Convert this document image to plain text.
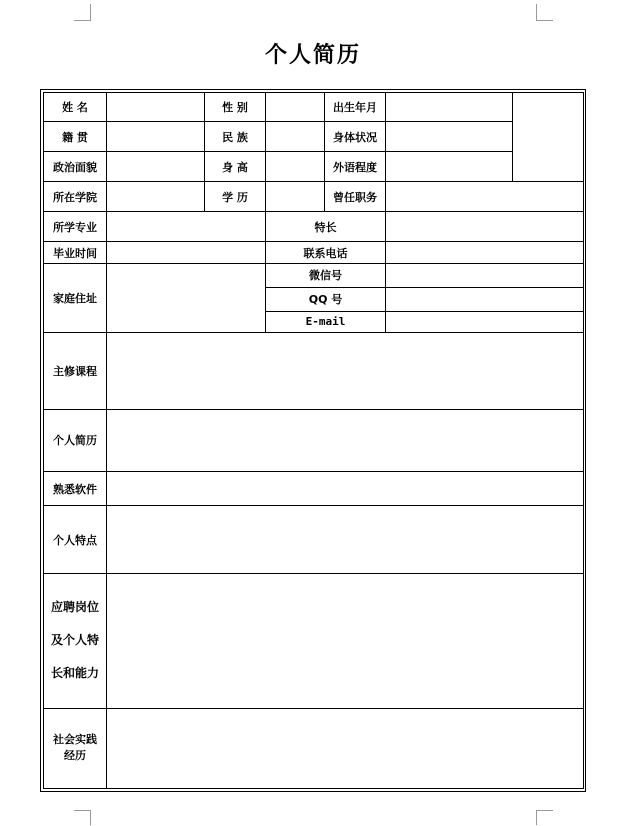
个人简历
姓 名		性 别		出生年月		
籍 贯		民 族		身体状况		
政治面貌		身 高		外语程度		
所在学院		学 历		曾任职务		
所学专业			特长			
毕业时间			联系电话			
家庭住址			微信号			
			QQ 号			
			E-mail			
主修课程						
个人简历						
熟悉软件						
个人特点						
应聘岗位及个人特长和能力						
社会实践经历						
